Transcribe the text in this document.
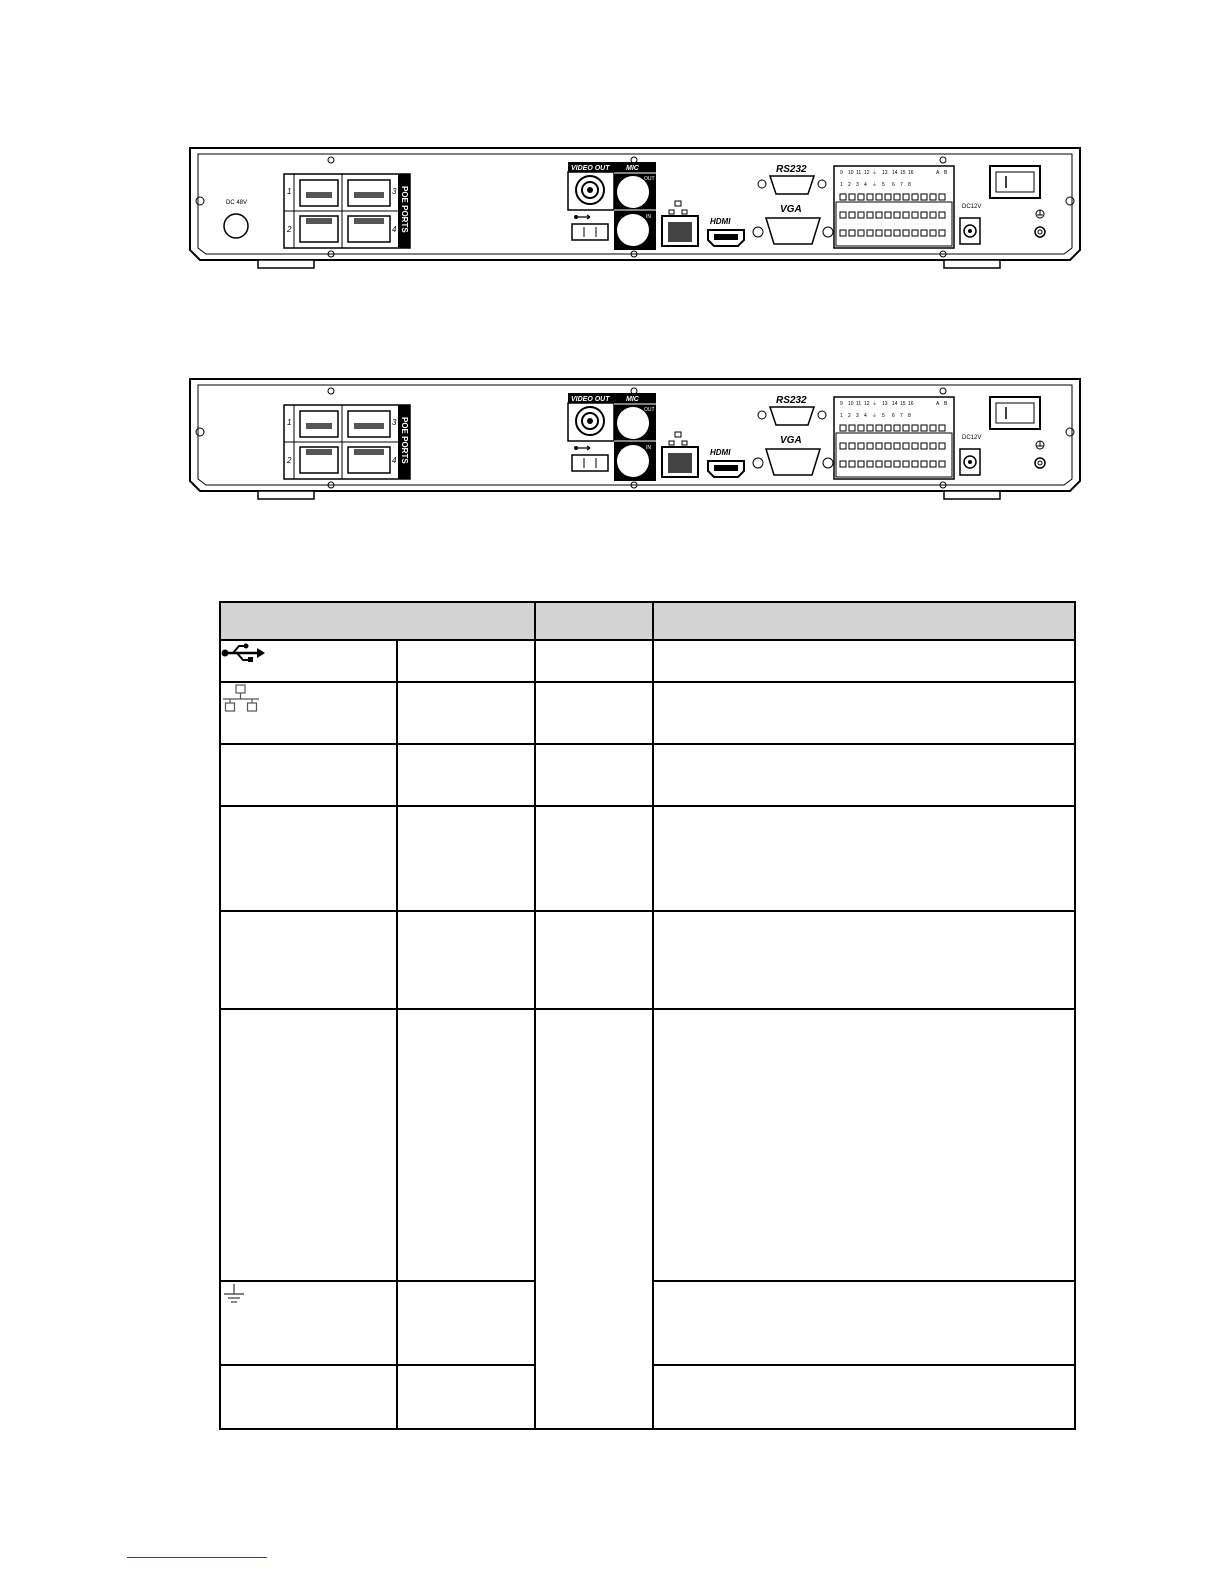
DC 48V	POE PORTS
1
2
3
4
VIDEO OUT MIC
OUT
IN	HDMI
RS232
VGA
9 10 11 12 ⏚ 13 14 15 16	A B
1 2 3 4 ⏚ 5 6 7 8
DC12V
POE PORTS
1
2
3
4
VIDEO OUT MIC
OUT
IN	HDMI
RS232
VGA
9 10 11 12 ⏚ 13 14 15 16	A B
1 2 3 4 ⏚ 5 6 7 8
DC12V
